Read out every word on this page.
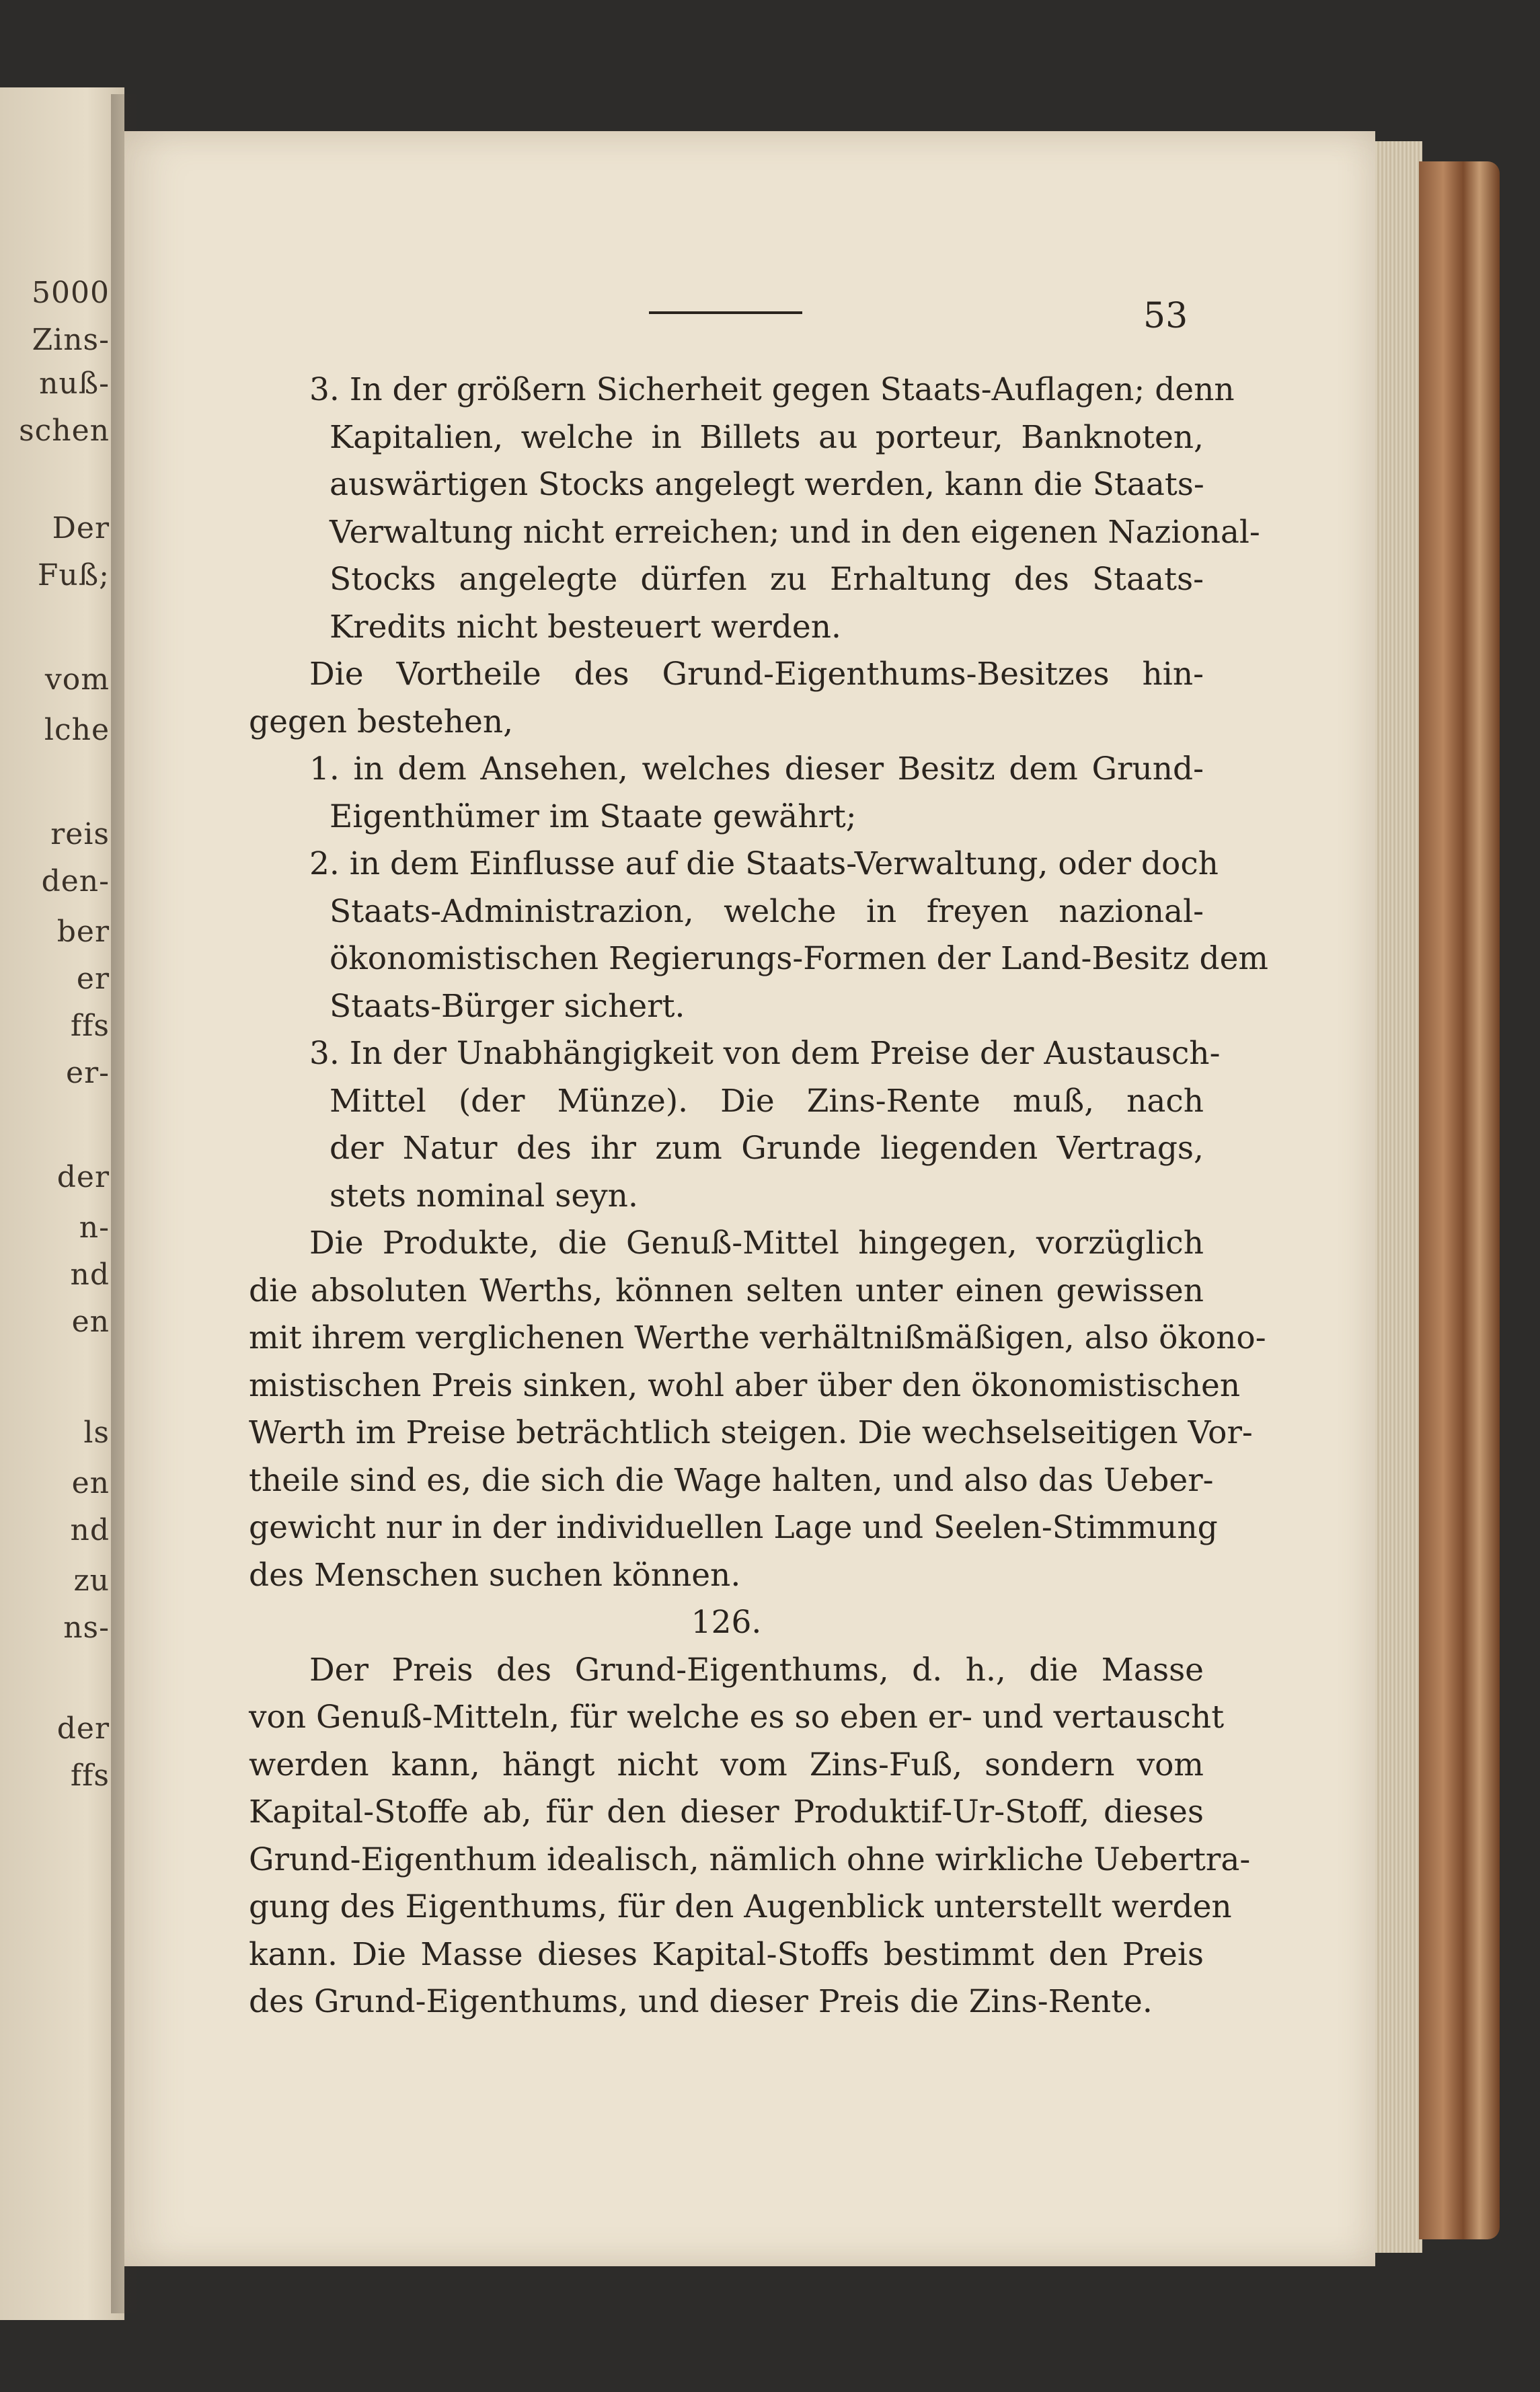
5000
Zins-
nuß-
schen
Der
Fuß;
vom
lche
reis
den-
ber
er
ffs
er-
der
n-
nd
en
ls
en
nd
zu
ns-
der
ffs
53
3. In der größern Sicherheit gegen Staats-Auflagen; denn
Kapitalien, welche in Billets au porteur, Banknoten,
auswärtigen Stocks angelegt werden, kann die Staats-
Verwaltung nicht erreichen; und in den eigenen Nazional-
Stocks angelegte dürfen zu Erhaltung des Staats-
Kredits nicht besteuert werden.
Die Vortheile des Grund-Eigenthums-Besitzes hin-
gegen bestehen,
1. in dem Ansehen, welches dieser Besitz dem Grund-
Eigenthümer im Staate gewährt;
2. in dem Einflusse auf die Staats-Verwaltung, oder doch
Staats-Administrazion, welche in freyen nazional-
ökonomistischen Regierungs-Formen der Land-Besitz dem
Staats-Bürger sichert.
3. In der Unabhängigkeit von dem Preise der Austausch-
Mittel (der Münze). Die Zins-Rente muß, nach
der Natur des ihr zum Grunde liegenden Vertrags,
stets nominal seyn.
Die Produkte, die Genuß-Mittel hingegen, vorzüglich
die absoluten Werths, können selten unter einen gewissen
mit ihrem verglichenen Werthe verhältnißmäßigen, also ökono-
mistischen Preis sinken, wohl aber über den ökonomistischen
Werth im Preise beträchtlich steigen. Die wechselseitigen Vor-
theile sind es, die sich die Wage halten, und also das Ueber-
gewicht nur in der individuellen Lage und Seelen-Stimmung
des Menschen suchen können.
126.
Der Preis des Grund-Eigenthums, d. h., die Masse
von Genuß-Mitteln, für welche es so eben er- und vertauscht
werden kann, hängt nicht vom Zins-Fuß, sondern vom
Kapital-Stoffe ab, für den dieser Produktif-Ur-Stoff, dieses
Grund-Eigenthum idealisch, nämlich ohne wirkliche Uebertra-
gung des Eigenthums, für den Augenblick unterstellt werden
kann. Die Masse dieses Kapital-Stoffs bestimmt den Preis
des Grund-Eigenthums, und dieser Preis die Zins-Rente.
